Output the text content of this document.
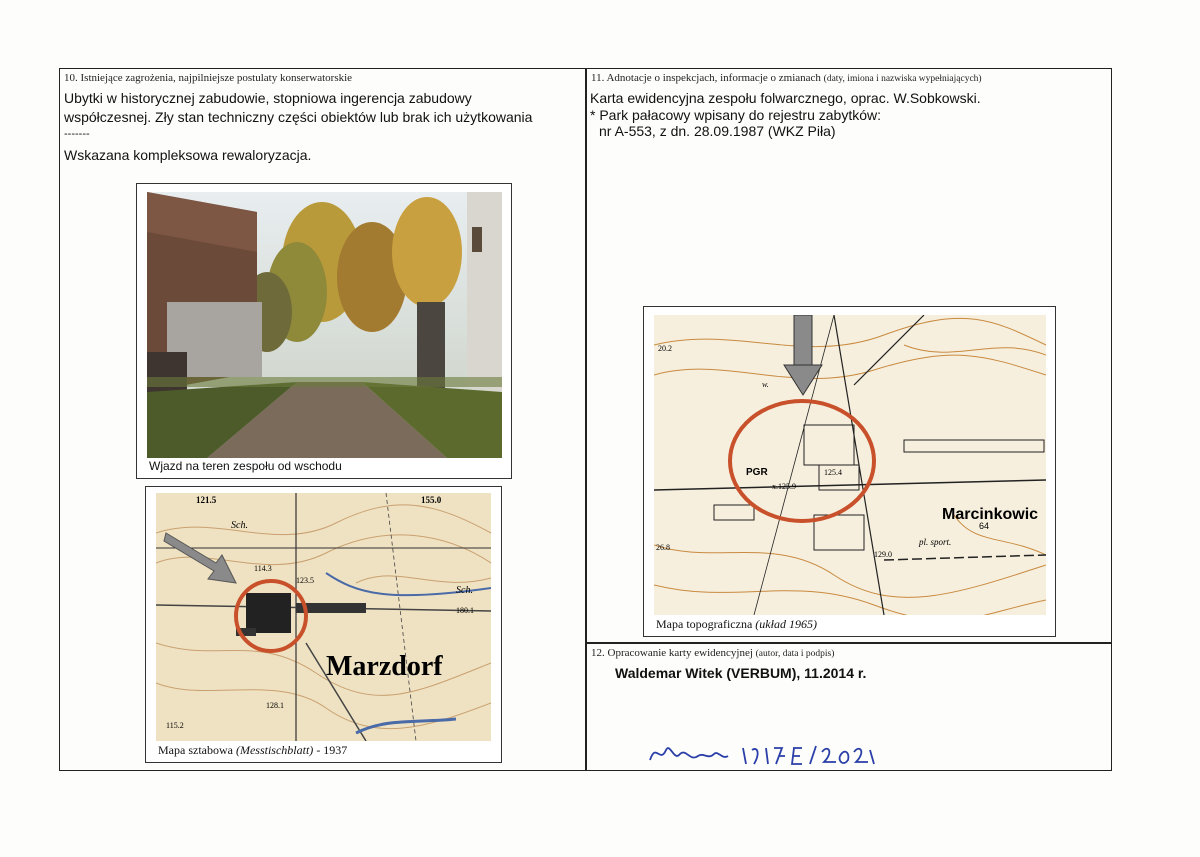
10. Istniejące zagrożenia, najpilniejsze postulaty konserwatorskie
Ubytki w historycznej zabudowie, stopniowa ingerencja zabudowy
współczesnej. Zły stan techniczny części obiektów lub brak ich użytkowania
-------
Wskazana kompleksowa rewaloryzacja.
11. Adnotacje o inspekcjach, informacje o zmianach (daty, imiona i nazwiska wypełniających)
Karta ewidencyjna zespołu folwarcznego, oprac. W.Sobkowski.
* Park pałacowy wpisany do rejestru zabytków:
nr A-553, z dn. 28.09.1987 (WKZ Piła)
12. Opracowanie karty ewidencyjnej (autor, data i podpis)
Waldemar Witek (VERBUM), 11.2014 r.
Wjazd na teren zespołu od wschodu
121.5	155.0
Sch.
114.3
123.5
Sch.
180.1
128.1
115.2
Marzdorf
Mapa sztabowa (Messtischblatt) - 1937
20.2
PGR	125.4
x.125.9
64
129.0
pl. sport.
26.8
w.
Marcinkowic
Mapa topograficzna (układ 1965)
